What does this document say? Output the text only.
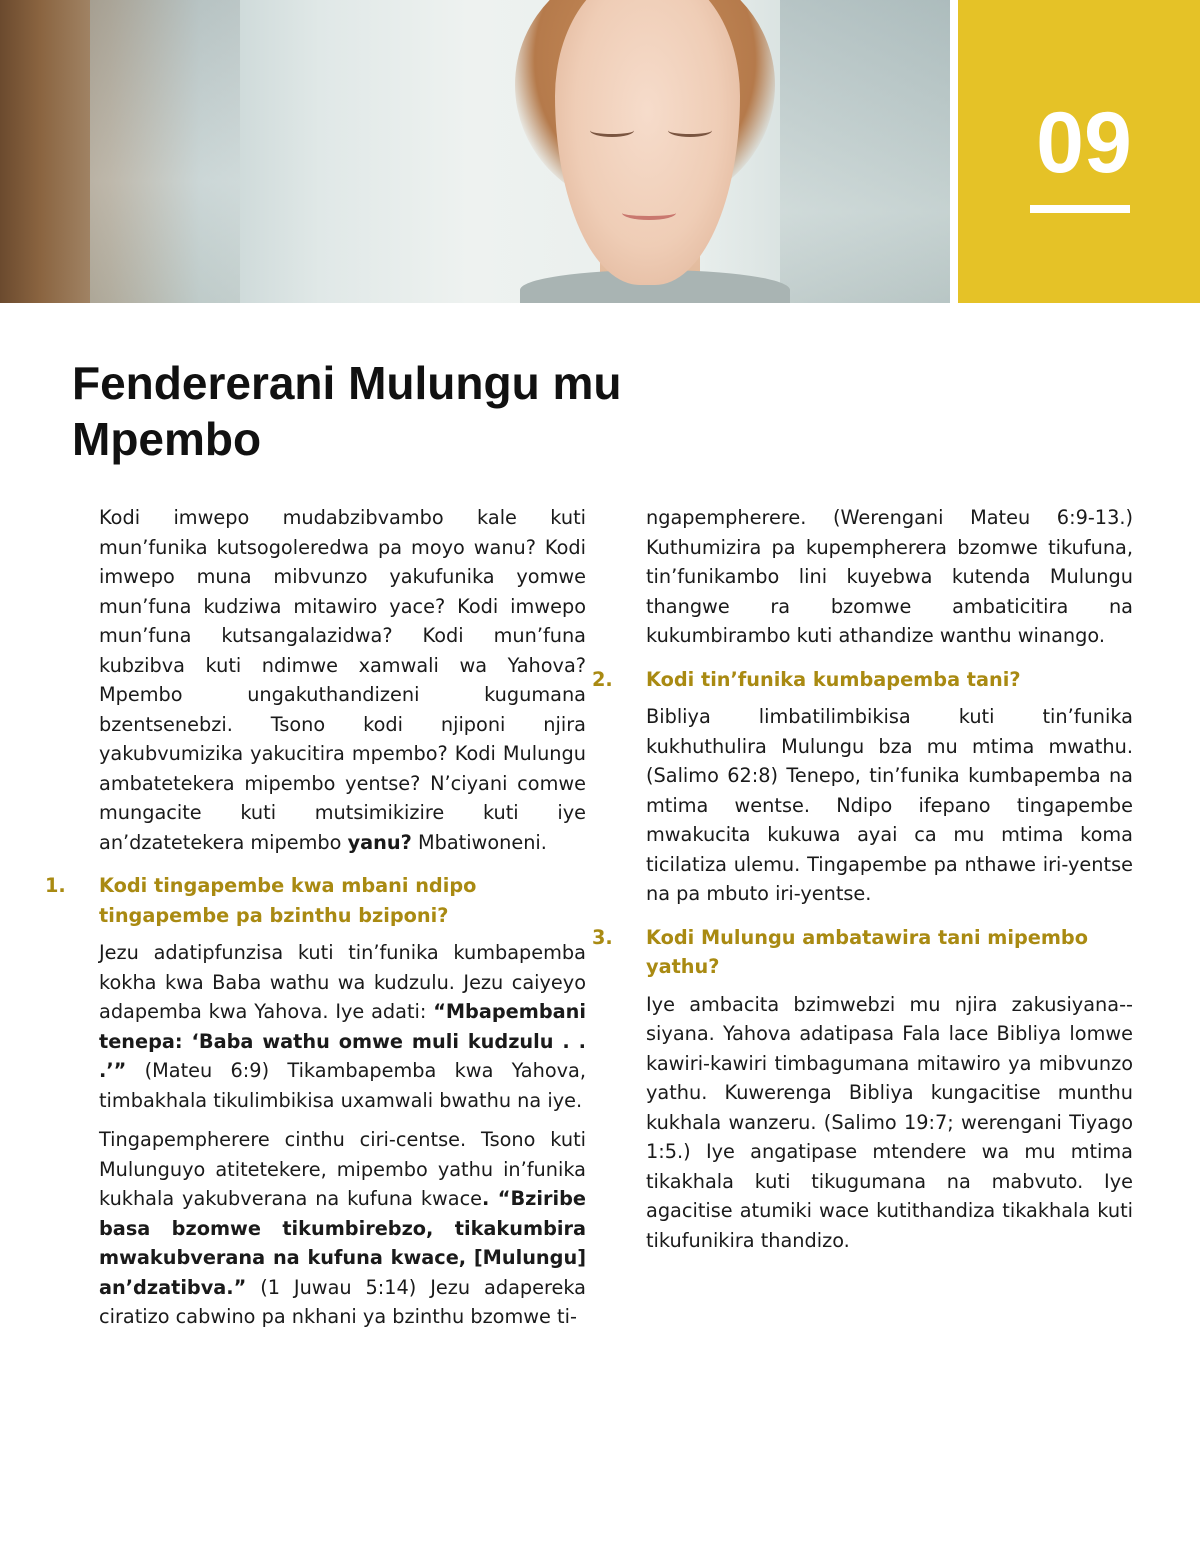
09
Fendererani Mulungu mu Mpembo

Kodi imwepo mudabzibvambo kale kuti mun’funika kutsogoleredwa pa moyo wanu? Kodi imwepo muna mibvunzo yakufunika yomwe mun’funa kudziwa mitawiro yace? Kodi imwepo mun’funa kutsangalazidwa? Kodi mun’funa kubzibva kuti ndimwe xamwali wa Yahova? Mpembo ungakuthandizeni kugumana bzentsenebzi. Tsono kodi njiponi njira yakubvumizika yakucitira mpembo? Kodi Mulungu ambatetekera mipembo yentse? N’ciyani comwe mungacite kuti mutsimikizire kuti iye an’dzatetekera mipembo yanu? Mbatiwoneni.

1. Kodi tingapembe kwa mbani ndipo tingapembe pa bzinthu bziponi?

Jezu adatipfunzisa kuti tin’funika kumbapemba kokha kwa Baba wathu wa kudzulu. Jezu caiyeyo adapemba kwa Yahova. Iye adati: “Mbapembani tenepa: ‘Baba wathu omwe muli kudzulu . . .’” (Mateu 6:9) Tikambapemba kwa Yahova, timbakhala tikulimbikisa uxamwali bwathu na iye.

Tingapempherere cinthu ciri-centse. Tsono kuti Mulunguyo atitetekere, mipembo yathu in’funika kukhala yakubverana na kufuna kwace. “Bziribe basa bzomwe tikumbirebzo, tikakumbira mwakubverana na kufuna kwace, [Mulungu] an’dzatibva.” (1 Juwau 5:14) Jezu adapereka ciratizo cabwino pa nkhani ya bzinthu bzomwe ti-

ngapempherere. (Werengani Mateu 6:9-13.) Kuthumizira pa kupempherera bzomwe tikufuna, tin’funikambo lini kuyebwa kutenda Mulungu thangwe ra bzomwe ambaticitira na kukumbirambo kuti athandize wanthu winango.

2. Kodi tin’funika kumbapemba tani?

Bibliya limbatilimbikisa kuti tin’funika kukhuthulira Mulungu bza mu mtima mwathu. (Salimo 62:8) Tenepo, tin’funika kumbapemba na mtima wentse. Ndipo ifepano tingapembe mwakucita kukuwa ayai ca mu mtima koma ticilatiza ulemu. Tingapembe pa nthawe iri-yentse na pa mbuto iri-yentse.

3. Kodi Mulungu ambatawira tani mipembo yathu?

Iye ambacita bzimwebzi mu njira zakusiyana--siyana. Yahova adatipasa Fala lace Bibliya lomwe kawiri-kawiri timbagumana mitawiro ya mibvunzo yathu. Kuwerenga Bibliya kungacitise munthu kukhala wanzeru. (Salimo 19:7; werengani Tiyago 1:5.) Iye angatipase mtendere wa mu mtima tikakhala kuti tikugumana na mabvuto. Iye agacitise atumiki wace kutithandiza tikakhala kuti tikufunikira thandizo.
